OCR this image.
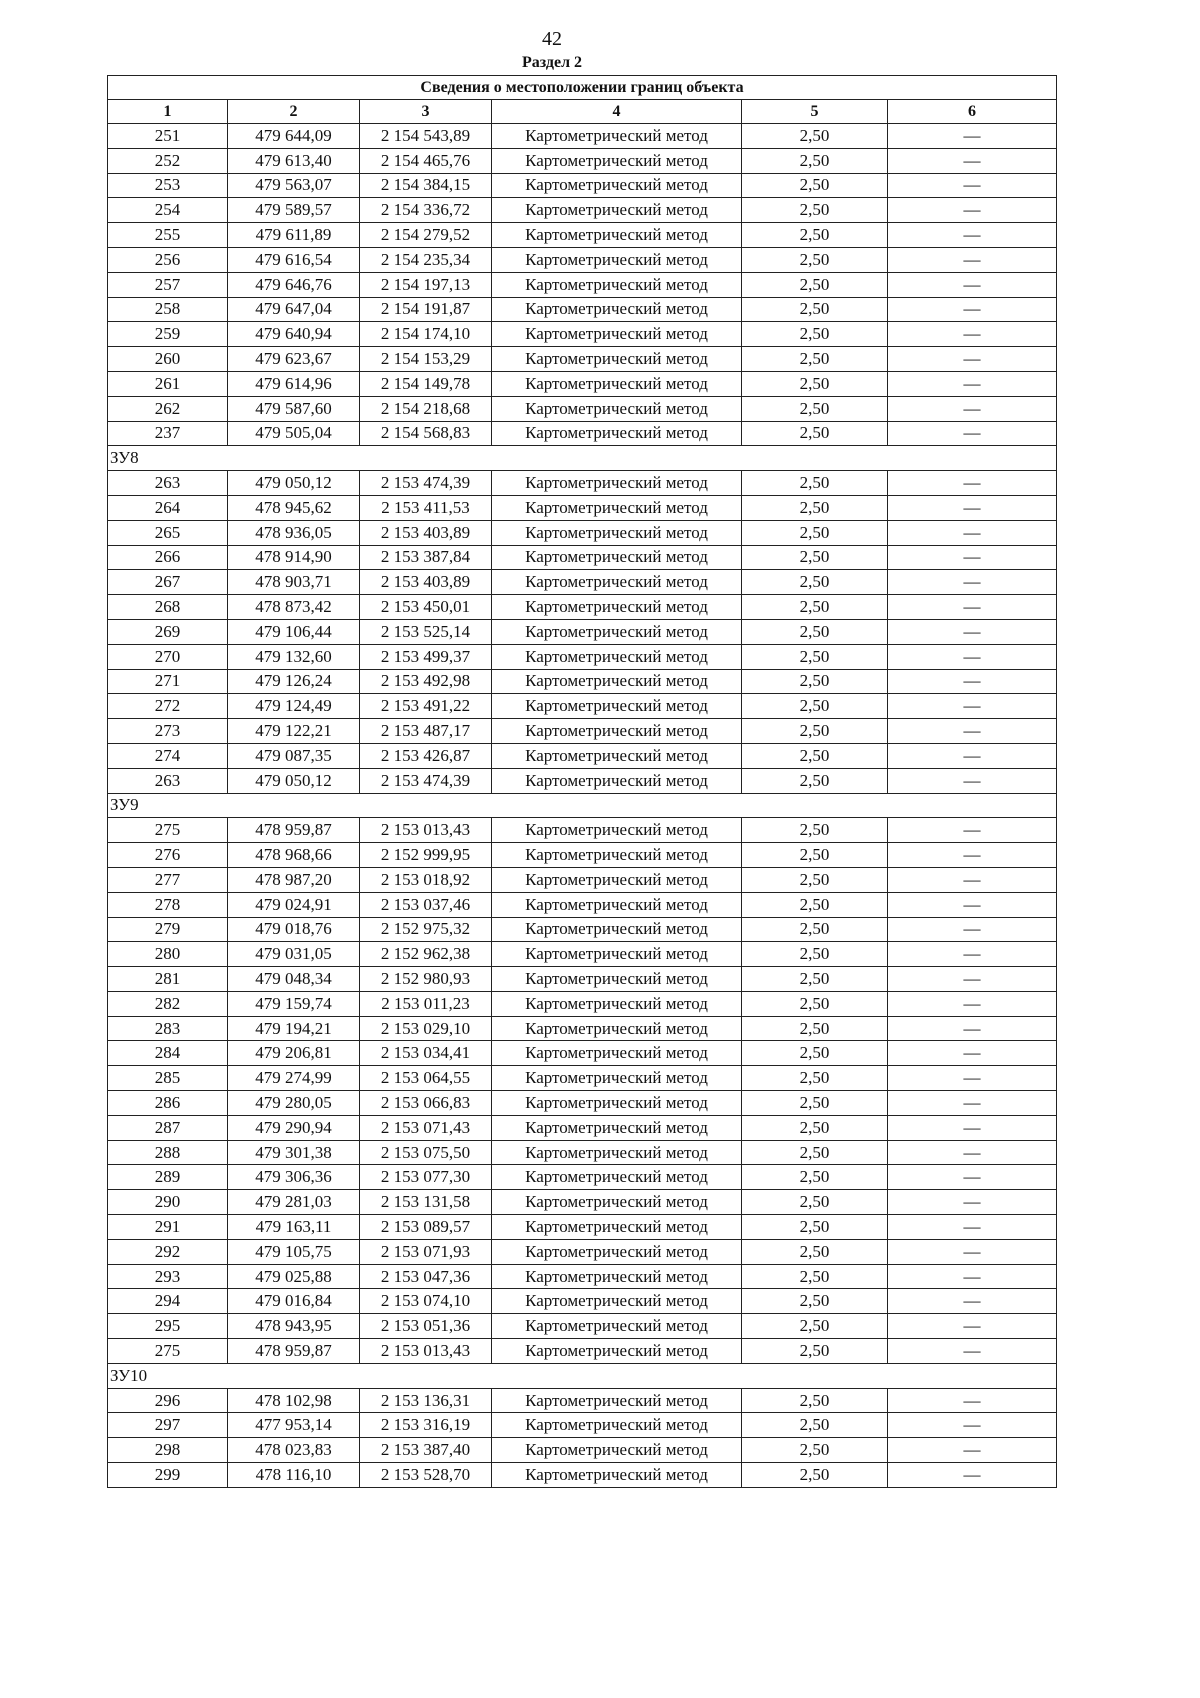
42
Раздел 2
Сведения о местоположении границ объекта					
1	2	3	4	5	6
251	479 644,09	2 154 543,89	Картометрический метод	2,50	—
252	479 613,40	2 154 465,76	Картометрический метод	2,50	—
253	479 563,07	2 154 384,15	Картометрический метод	2,50	—
254	479 589,57	2 154 336,72	Картометрический метод	2,50	—
255	479 611,89	2 154 279,52	Картометрический метод	2,50	—
256	479 616,54	2 154 235,34	Картометрический метод	2,50	—
257	479 646,76	2 154 197,13	Картометрический метод	2,50	—
258	479 647,04	2 154 191,87	Картометрический метод	2,50	—
259	479 640,94	2 154 174,10	Картометрический метод	2,50	—
260	479 623,67	2 154 153,29	Картометрический метод	2,50	—
261	479 614,96	2 154 149,78	Картометрический метод	2,50	—
262	479 587,60	2 154 218,68	Картометрический метод	2,50	—
237	479 505,04	2 154 568,83	Картометрический метод	2,50	—
ЗУ8					
263	479 050,12	2 153 474,39	Картометрический метод	2,50	—
264	478 945,62	2 153 411,53	Картометрический метод	2,50	—
265	478 936,05	2 153 403,89	Картометрический метод	2,50	—
266	478 914,90	2 153 387,84	Картометрический метод	2,50	—
267	478 903,71	2 153 403,89	Картометрический метод	2,50	—
268	478 873,42	2 153 450,01	Картометрический метод	2,50	—
269	479 106,44	2 153 525,14	Картометрический метод	2,50	—
270	479 132,60	2 153 499,37	Картометрический метод	2,50	—
271	479 126,24	2 153 492,98	Картометрический метод	2,50	—
272	479 124,49	2 153 491,22	Картометрический метод	2,50	—
273	479 122,21	2 153 487,17	Картометрический метод	2,50	—
274	479 087,35	2 153 426,87	Картометрический метод	2,50	—
263	479 050,12	2 153 474,39	Картометрический метод	2,50	—
ЗУ9					
275	478 959,87	2 153 013,43	Картометрический метод	2,50	—
276	478 968,66	2 152 999,95	Картометрический метод	2,50	—
277	478 987,20	2 153 018,92	Картометрический метод	2,50	—
278	479 024,91	2 153 037,46	Картометрический метод	2,50	—
279	479 018,76	2 152 975,32	Картометрический метод	2,50	—
280	479 031,05	2 152 962,38	Картометрический метод	2,50	—
281	479 048,34	2 152 980,93	Картометрический метод	2,50	—
282	479 159,74	2 153 011,23	Картометрический метод	2,50	—
283	479 194,21	2 153 029,10	Картометрический метод	2,50	—
284	479 206,81	2 153 034,41	Картометрический метод	2,50	—
285	479 274,99	2 153 064,55	Картометрический метод	2,50	—
286	479 280,05	2 153 066,83	Картометрический метод	2,50	—
287	479 290,94	2 153 071,43	Картометрический метод	2,50	—
288	479 301,38	2 153 075,50	Картометрический метод	2,50	—
289	479 306,36	2 153 077,30	Картометрический метод	2,50	—
290	479 281,03	2 153 131,58	Картометрический метод	2,50	—
291	479 163,11	2 153 089,57	Картометрический метод	2,50	—
292	479 105,75	2 153 071,93	Картометрический метод	2,50	—
293	479 025,88	2 153 047,36	Картометрический метод	2,50	—
294	479 016,84	2 153 074,10	Картометрический метод	2,50	—
295	478 943,95	2 153 051,36	Картометрический метод	2,50	—
275	478 959,87	2 153 013,43	Картометрический метод	2,50	—
ЗУ10					
296	478 102,98	2 153 136,31	Картометрический метод	2,50	—
297	477 953,14	2 153 316,19	Картометрический метод	2,50	—
298	478 023,83	2 153 387,40	Картометрический метод	2,50	—
299	478 116,10	2 153 528,70	Картометрический метод	2,50	—
